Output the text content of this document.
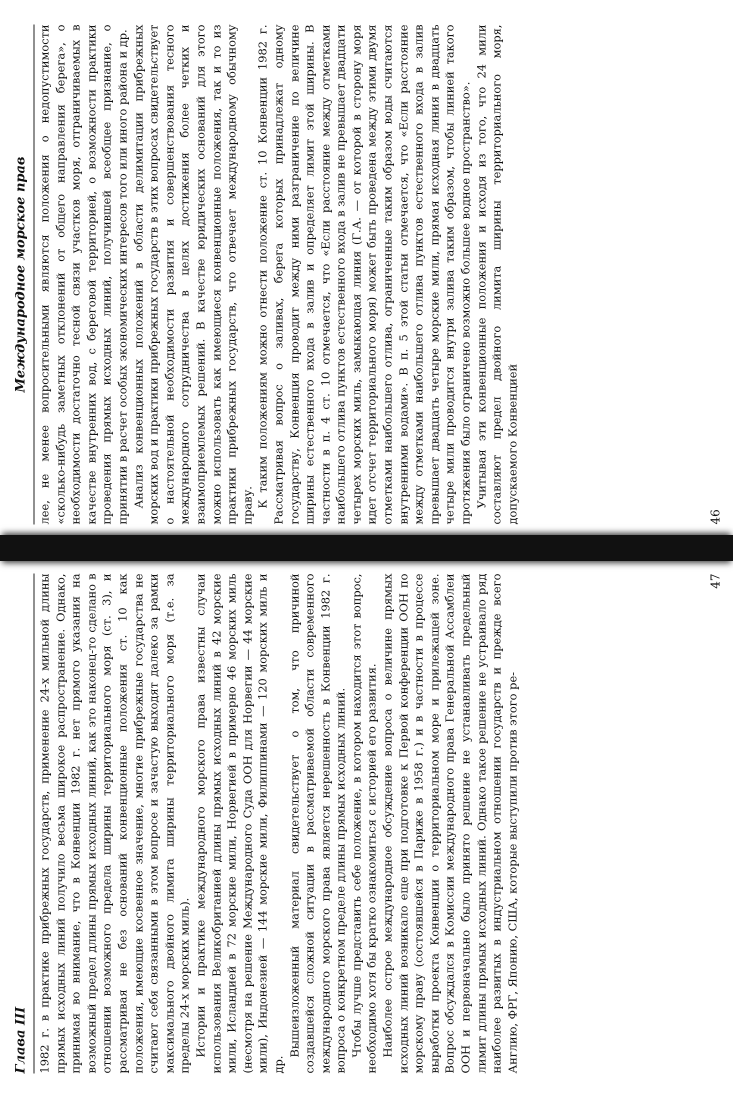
Международное морское прав лее, не менее вопросительными являются положения о недопустимости «сколько-нибудь заметных отклонений от общего направления берега», о необходимости достаточно тесной связи участков моря, отграничиваемых в качестве внутренних вод, с береговой территорией, о возможности практики проведения прямых исходных линий, получившей всеобщее признание, о принятии в расчет особых экономических интересов того или иного района и др. Анализ конвенционных положений в области делимитации прибрежных морских вод и практики прибрежных государств в этих вопросах свидетельствует о настоятельной необходимости развития и совершенствования тесного международного сотрудничества в целях достижения более четких и взаимоприемлемых решений. В качестве юридических оснований для этого можно использовать как имеющиеся конвенционные положения, так и то из практики прибрежных государств, что отвечает международному обычному праву. К таким положениям можно отнести положение ст. 10 Конвенции 1982 г. Рассматривая вопрос о заливах, берега которых принадлежат одному государству, Конвенция проводит между ними разграничение по величине ширины естественного входа в залив и определяет лимит этой ширины. В частности в п. 4 ст. 10 отмечается, что «Если расстояние между отметками наибольшего отлива пунктов естественного входа в залив не превышает двадцати четырех морских миль, замыкающая линия (Г.А. — от которой в сторону моря идет отсчет территориального моря) может быть проведена между этими двумя отметками наибольшего отлива, ограниченные таким образом воды считаются внутренними водами». В п. 5 этой статьи отмечается, что «Если расстояние между отметками наибольшего отлива пунктов естественного входа в залив превышает двадцать четыре морские мили, прямая исходная линия в двадцать четыре мили проводится внутри залива таким образом, чтобы линией такого протяжения было ограничено возможно большее водное пространство». Учитывая эти конвенционные положения и исходя из того, что 24 мили составляют предел двойного лимита ширины территориального моря, допускаемого Конвенцией	46
Глава III 1982 г. в практике прибрежных государств, применение 24-х мильной длины прямых исходных линий получило весьма широкое распространение. Однако, принимая во внимание, что в Конвенции 1982 г. нет прямого указания на возможный предел длины прямых исходных линий, как это наконец-то сделано в отношении возможного предела ширины территориального моря (ст. 3), и рассматривая не без оснований конвенционные положения ст. 10 как положения, имеющие косвенное значение, многие прибрежные государства не считают себя связанными в этом вопросе и зачастую выходят далеко за рамки максимального двойного лимита ширины территориального моря (т.е. за пределы 24-х морских миль). Истории и практике международного морского права известны случаи использования Великобританией длины прямых исходных линий в 42 морские мили, Исландией в 72 морские мили, Норвегией в примерно 46 морских миль (несмотря на решение Международного Суда ООН для Норвегии — 44 морские мили), Индонезией — 144 морские мили, Филиппинами — 120 морских миль и др.

Вышеизложенный материал свидетельствует о том, что причиной создавшейся сложной ситуации в рассматриваемой области современного международного морского права является нерешенность в Конвенции 1982 г. вопроса о конкретном пределе длины прямых исходных линий. Чтобы лучше представить себе положение, в котором находится этот вопрос, необходимо хотя бы кратко ознакомиться с историей его развития. Наиболее острое международное обсуждение вопроса о величине прямых исходных линий возникало еще при подготовке к Первой конференции ООН по морскому праву (состоявшейся в Париже в 1958 г.) и в частности в процессе выработки проекта Конвенции о территориальном море и прилежащей зоне. Вопрос обсуждался в Комиссии международного права Генеральной Ассамблеи ООН и первоначально было принято решение не устанавливать предельный лимит длины прямых исходных линий. Однако такое решение не устраивало ряд наиболее развитых в индустриальном отношении государств и прежде всего Англию, ФРГ, Японию, США, которые выступили против этого ре-

47
